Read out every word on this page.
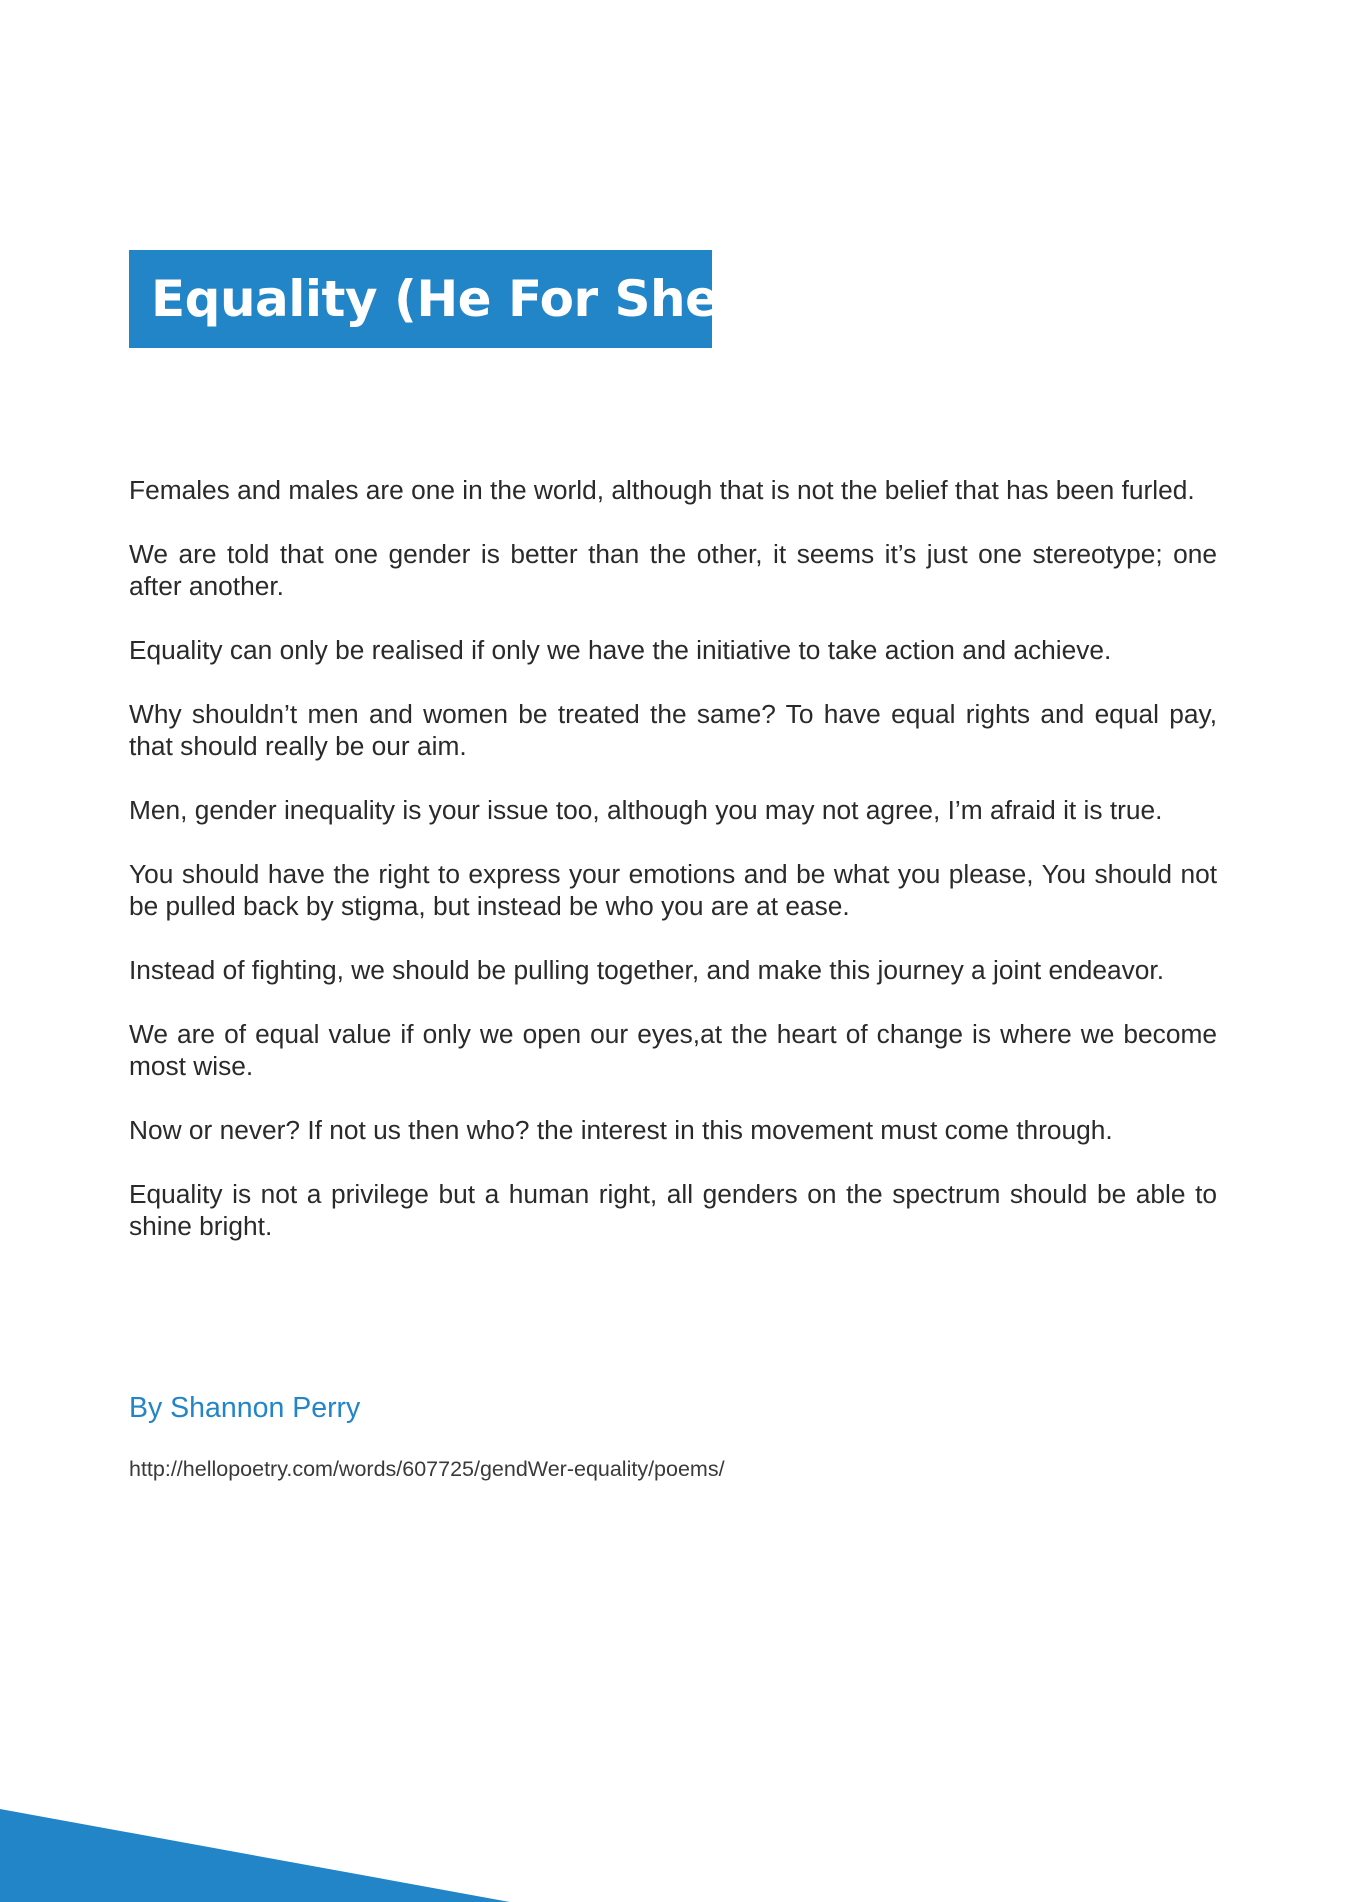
Equality (He For She)

Females and males are one in the world, although that is not the belief that has been furled.

We are told that one gender is better than the other, it seems it’s just one stereotype; one after another.

Equality can only be realised if only we have the initiative to take action and achieve.

Why shouldn’t men and women be treated the same? To have equal rights and equal pay, that should really be our aim.

Men, gender inequality is your issue too, although you may not agree, I’m afraid it is true.

You should have the right to express your emotions and be what you please, You should not be pulled back by stigma, but instead be who you are at ease.

Instead of fighting, we should be pulling together, and make this journey a joint endeavor.

We are of equal value if only we open our eyes,at the heart of change is where we become most wise.

Now or never? If not us then who? the interest in this movement must come through.

Equality is not a privilege but a human right, all genders on the spectrum should be able to shine bright.

By Shannon Perry
http://hellopoetry.com/words/607725/gendWer-equality/poems/
